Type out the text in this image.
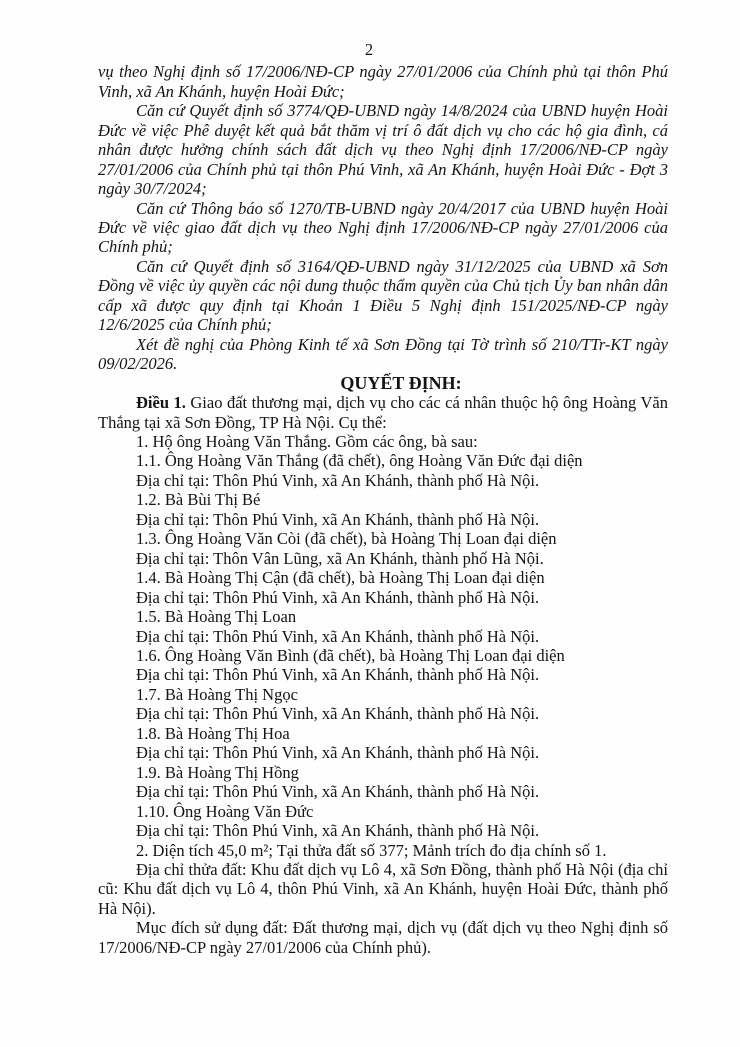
2

vụ theo Nghị định số 17/2006/NĐ-CP ngày 27/01/2006 của Chính phủ tại thôn Phú Vinh, xã An Khánh, huyện Hoài Đức;

Căn cứ Quyết định số 3774/QĐ-UBND ngày 14/8/2024 của UBND huyện Hoài Đức về việc Phê duyệt kết quả bắt thăm vị trí ô đất dịch vụ cho các hộ gia đình, cá nhân được hưởng chính sách đất dịch vụ theo Nghị định 17/2006/NĐ-CP ngày 27/01/2006 của Chính phủ tại thôn Phú Vinh, xã An Khánh, huyện Hoài Đức - Đợt 3 ngày 30/7/2024;

Căn cứ Thông báo số 1270/TB-UBND ngày 20/4/2017 của UBND huyện Hoài Đức về việc giao đất dịch vụ theo Nghị định 17/2006/NĐ-CP ngày 27/01/2006 của Chính phủ;

Căn cứ Quyết định số 3164/QĐ-UBND ngày 31/12/2025 của UBND xã Sơn Đồng về việc ủy quyền các nội dung thuộc thẩm quyền của Chủ tịch Ủy ban nhân dân cấp xã được quy định tại Khoản 1 Điều 5 Nghị định 151/2025/NĐ-CP ngày 12/6/2025 của Chính phủ;

Xét đề nghị của Phòng Kinh tế xã Sơn Đồng tại Tờ trình số 210/TTr-KT ngày 09/02/2026.

QUYẾT ĐỊNH:

Điều 1. Giao đất thương mại, dịch vụ cho các cá nhân thuộc hộ ông Hoàng Văn Thắng tại xã Sơn Đồng, TP Hà Nội. Cụ thể:

1. Hộ ông Hoàng Văn Thắng. Gồm các ông, bà sau:

1.1. Ông Hoàng Văn Thắng (đã chết), ông Hoàng Văn Đức đại diện

Địa chỉ tại: Thôn Phú Vinh, xã An Khánh, thành phố Hà Nội.

1.2. Bà Bùi Thị Bé

Địa chỉ tại: Thôn Phú Vinh, xã An Khánh, thành phố Hà Nội.

1.3. Ông Hoàng Văn Còi (đã chết), bà Hoàng Thị Loan đại diện

Địa chỉ tại: Thôn Vân Lũng, xã An Khánh, thành phố Hà Nội.

1.4. Bà Hoàng Thị Cận (đã chết), bà Hoàng Thị Loan đại diện

Địa chỉ tại: Thôn Phú Vinh, xã An Khánh, thành phố Hà Nội.

1.5. Bà Hoàng Thị Loan

Địa chỉ tại: Thôn Phú Vinh, xã An Khánh, thành phố Hà Nội.

1.6. Ông Hoàng Văn Bình (đã chết), bà Hoàng Thị Loan đại diện

Địa chỉ tại: Thôn Phú Vinh, xã An Khánh, thành phố Hà Nội.

1.7. Bà Hoàng Thị Ngọc

Địa chỉ tại: Thôn Phú Vinh, xã An Khánh, thành phố Hà Nội.

1.8. Bà Hoàng Thị Hoa

Địa chỉ tại: Thôn Phú Vinh, xã An Khánh, thành phố Hà Nội.

1.9. Bà Hoàng Thị Hồng

Địa chỉ tại: Thôn Phú Vinh, xã An Khánh, thành phố Hà Nội.

1.10. Ông Hoàng Văn Đức

Địa chỉ tại: Thôn Phú Vinh, xã An Khánh, thành phố Hà Nội.

2. Diện tích 45,0 m²; Tại thửa đất số 377; Mảnh trích đo địa chính số 1.

Địa chỉ thửa đất: Khu đất dịch vụ Lô 4, xã Sơn Đồng, thành phố Hà Nội (địa chỉ cũ: Khu đất dịch vụ Lô 4, thôn Phú Vinh, xã An Khánh, huyện Hoài Đức, thành phố Hà Nội).

Mục đích sử dụng đất: Đất thương mại, dịch vụ (đất dịch vụ theo Nghị định số 17/2006/NĐ-CP ngày 27/01/2006 của Chính phủ).
